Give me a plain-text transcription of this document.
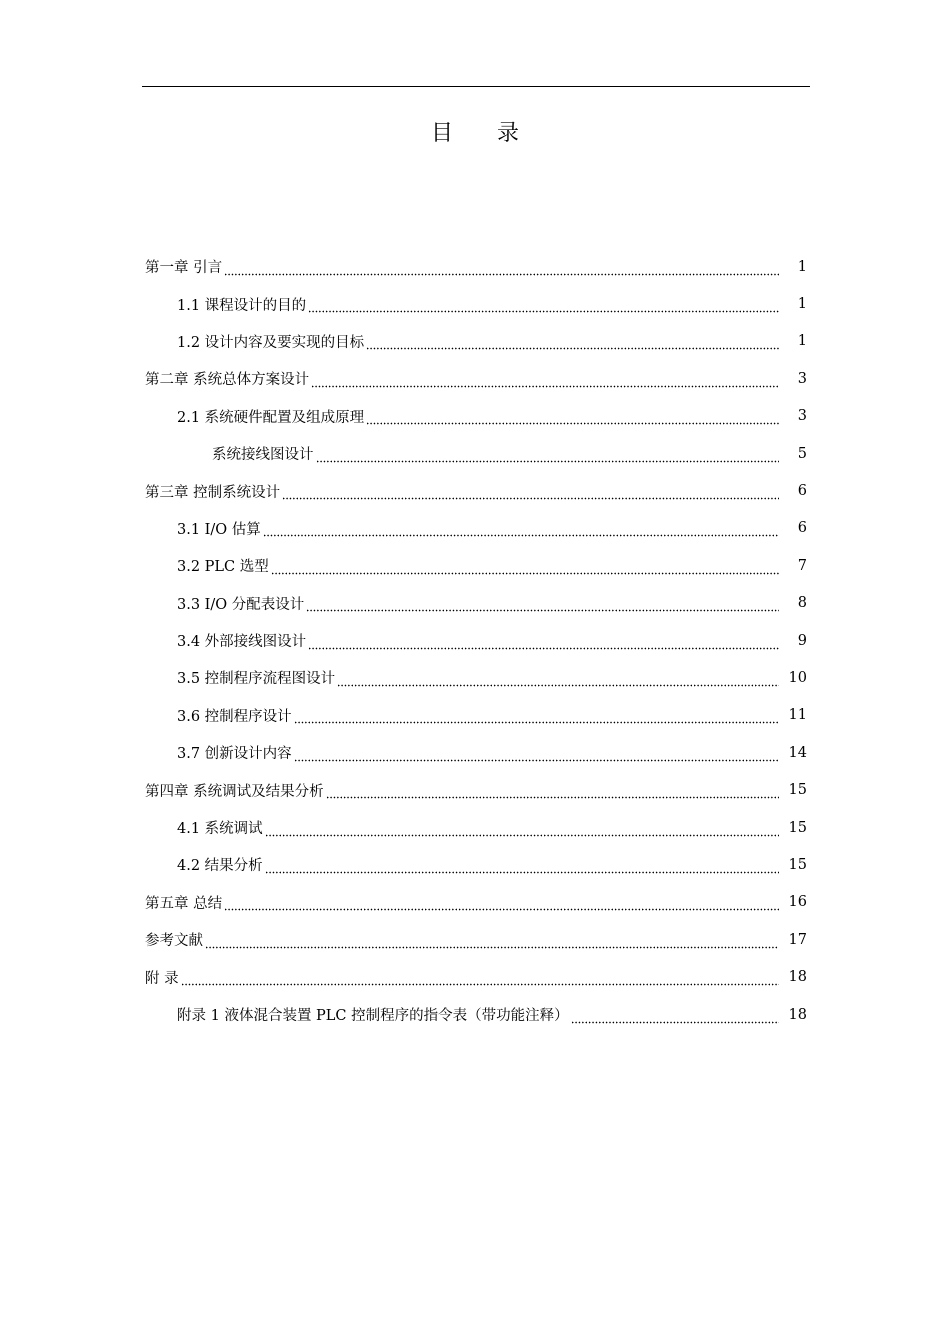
目 录
第一章 引言	1
1.1 课程设计的目的	1
1.2 设计内容及要实现的目标	1
第二章 系统总体方案设计	3
2.1 系统硬件配置及组成原理	3
系统接线图设计	5
第三章 控制系统设计	6
3.1 I/O 估算	6
3.2 PLC 选型	7
3.3 I/O 分配表设计	8
3.4 外部接线图设计	9
3.5 控制程序流程图设计	10
3.6 控制程序设计	11
3.7 创新设计内容	14
第四章 系统调试及结果分析	15
4.1 系统调试	15
4.2 结果分析	15
第五章 总结	16
参考文献	17
附 录	18
附录 1 液体混合装置 PLC 控制程序的指令表（带功能注释）	18
